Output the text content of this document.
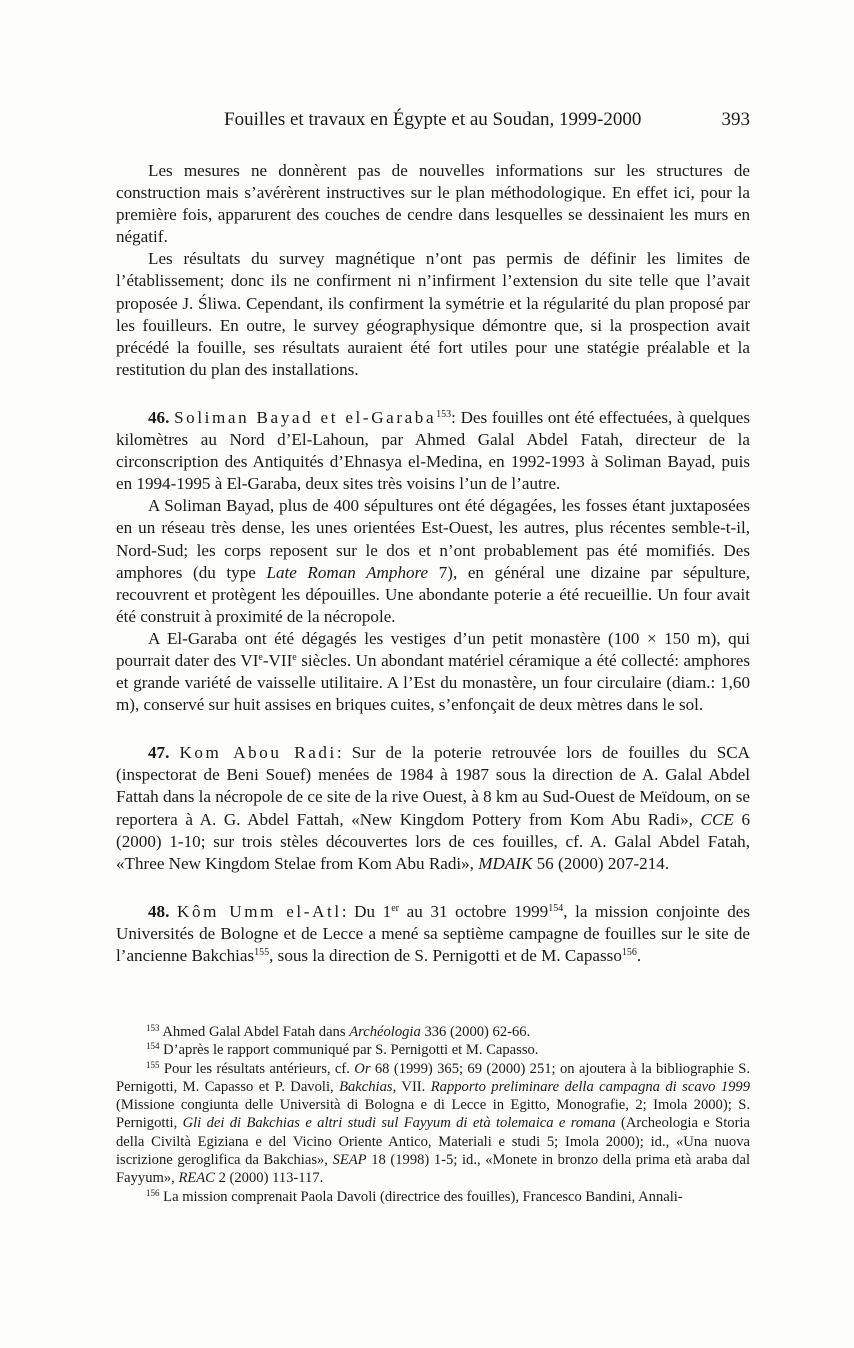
Fouilles et travaux en Égypte et au Soudan, 1999-2000	393

Les mesures ne donnèrent pas de nouvelles informations sur les structures de construction mais s’avérèrent instructives sur le plan méthodologique. En effet ici, pour la première fois, apparurent des couches de cendre dans lesquelles se dessinaient les murs en négatif.

Les résultats du survey magnétique n’ont pas permis de définir les limites de l’établissement; donc ils ne confirment ni n’infirment l’extension du site telle que l’avait proposée J. Śliwa. Cependant, ils confirment la symétrie et la régularité du plan proposé par les fouilleurs. En outre, le survey géographysique démontre que, si la prospection avait précédé la fouille, ses résultats auraient été fort utiles pour une statégie préalable et la restitution du plan des installations.

46. Soliman Bayad et el-Garaba$^{153}$: Des fouilles ont été effectuées, à quelques kilomètres au Nord d’El-Lahoun, par Ahmed Galal Abdel Fatah, directeur de la circonscription des Antiquités d’Ehnasya el-Medina, en 1992-1993 à Soliman Bayad, puis en 1994-1995 à El-Garaba, deux sites très voisins l’un de l’autre.

A Soliman Bayad, plus de 400 sépultures ont été dégagées, les fosses étant juxtaposées en un réseau très dense, les unes orientées Est-Ouest, les autres, plus récentes semble-t-il, Nord-Sud; les corps reposent sur le dos et n’ont probablement pas été momifiés. Des amphores (du type Late Roman Amphore 7), en général une dizaine par sépulture, recouvrent et protègent les dépouilles. Une abondante poterie a été recueillie. Un four avait été construit à proximité de la nécropole.

A El-Garaba ont été dégagés les vestiges d’un petit monastère (100 × 150 m), qui pourrait dater des VIe-VIIe siècles. Un abondant matériel céramique a été collecté: amphores et grande variété de vaisselle utilitaire. A l’Est du monastère, un four circulaire (diam.: 1,60 m), conservé sur huit assises en briques cuites, s’enfonçait de deux mètres dans le sol.

47. Kom Abou Radi: Sur de la poterie retrouvée lors de fouilles du SCA (inspectorat de Beni Souef) menées de 1984 à 1987 sous la direction de A. Galal Abdel Fattah dans la nécropole de ce site de la rive Ouest, à 8 km au Sud-Ouest de Meïdoum, on se reportera à A. G. Abdel Fattah, «New Kingdom Pottery from Kom Abu Radi», CCE 6 (2000) 1-10; sur trois stèles découvertes lors de ces fouilles, cf. A. Galal Abdel Fatah, «Three New Kingdom Stelae from Kom Abu Radi», MDAIK 56 (2000) 207-214.

48. Kôm Umm el-Atl: Du 1er au 31 octobre 1999$^{154}$, la mission conjointe des Universités de Bologne et de Lecce a mené sa septième campagne de fouilles sur le site de l’ancienne Bakchias$^{155}$, sous la direction de S. Pernigotti et de M. Capasso$^{156}$.

$^{153}$ Ahmed Galal Abdel Fatah dans Archéologia 336 (2000) 62-66.

$^{154}$ D’après le rapport communiqué par S. Pernigotti et M. Capasso.

$^{155}$ Pour les résultats antérieurs, cf. Or 68 (1999) 365; 69 (2000) 251; on ajoutera à la bibliographie S. Pernigotti, M. Capasso et P. Davoli, Bakchias, VII. Rapporto preliminare della campagna di scavo 1999 (Missione congiunta delle Università di Bologna e di Lecce in Egitto, Monografie, 2; Imola 2000); S. Pernigotti, Gli dei di Bakchias e altri studi sul Fayyum di età tolemaica e romana (Archeologia e Storia della Civiltà Egiziana e del Vicino Oriente Antico, Materiali e studi 5; Imola 2000); id., «Una nuova iscrizione geroglifica da Bakchias», SEAP 18 (1998) 1-5; id., «Monete in bronzo della prima età araba dal Fayyum», REAC 2 (2000) 113-117.

$^{156}$ La mission comprenait Paola Davoli (directrice des fouilles), Francesco Bandini, Annali-
